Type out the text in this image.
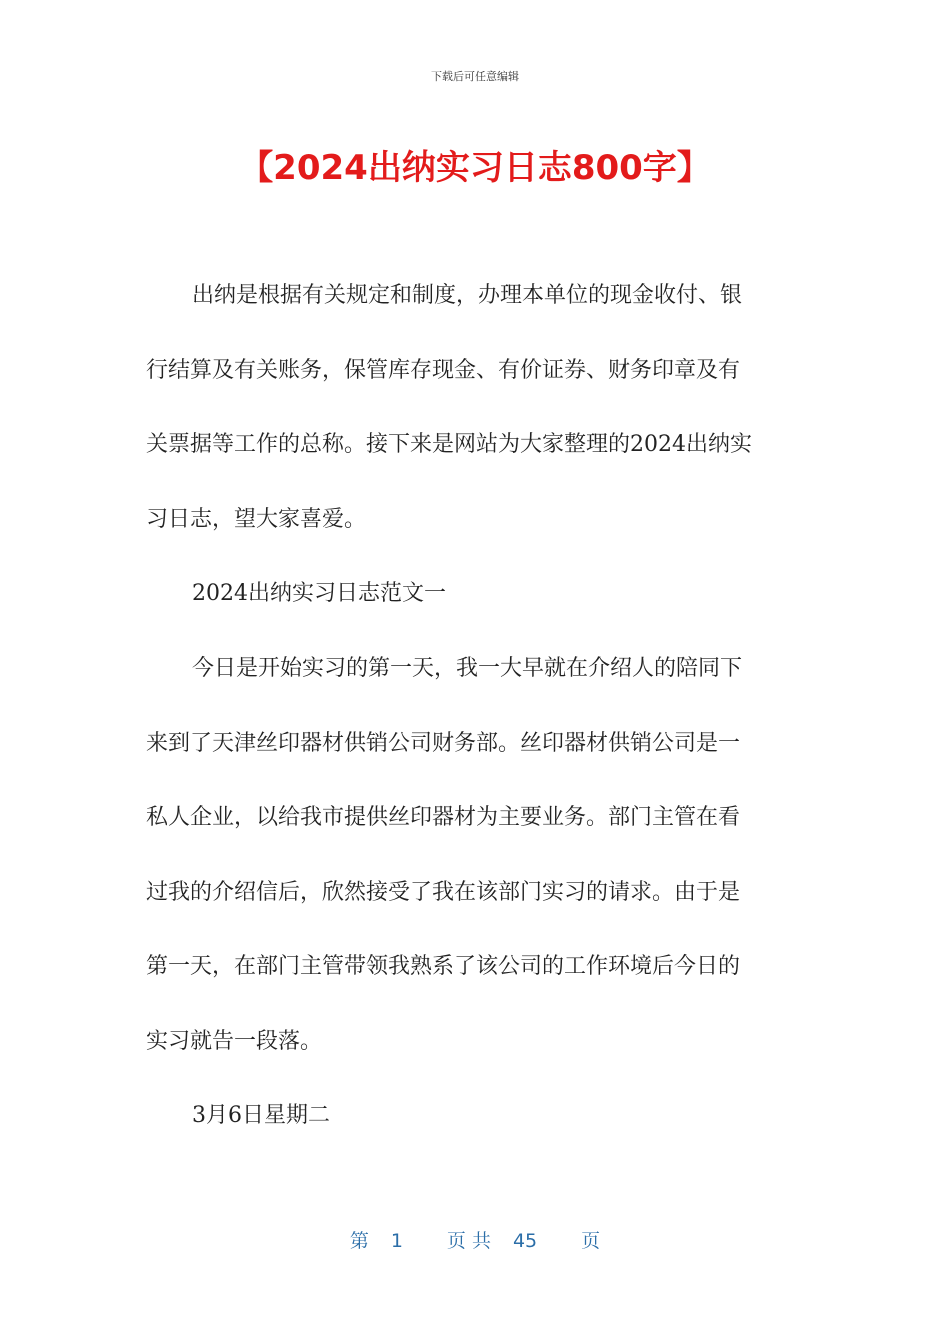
下载后可任意编辑
【2024出纳实习日志800字】
出纳是根据有关规定和制度，办理本单位的现金收付、银
行结算及有关账务，保管库存现金、有价证券、财务印章及有
关票据等工作的总称。接下来是网站为大家整理的2024出纳实
习日志，望大家喜爱。
2024出纳实习日志范文一
今日是开始实习的第一天，我一大早就在介绍人的陪同下
来到了天津丝印器材供销公司财务部。丝印器材供销公司是一
私人企业，以给我市提供丝印器材为主要业务。部门主管在看
过我的介绍信后，欣然接受了我在该部门实习的请求。由于是
第一天，在部门主管带领我熟系了该公司的工作环境后今日的
实习就告一段落。
3月6日星期二
第 1 页 共 45 页
